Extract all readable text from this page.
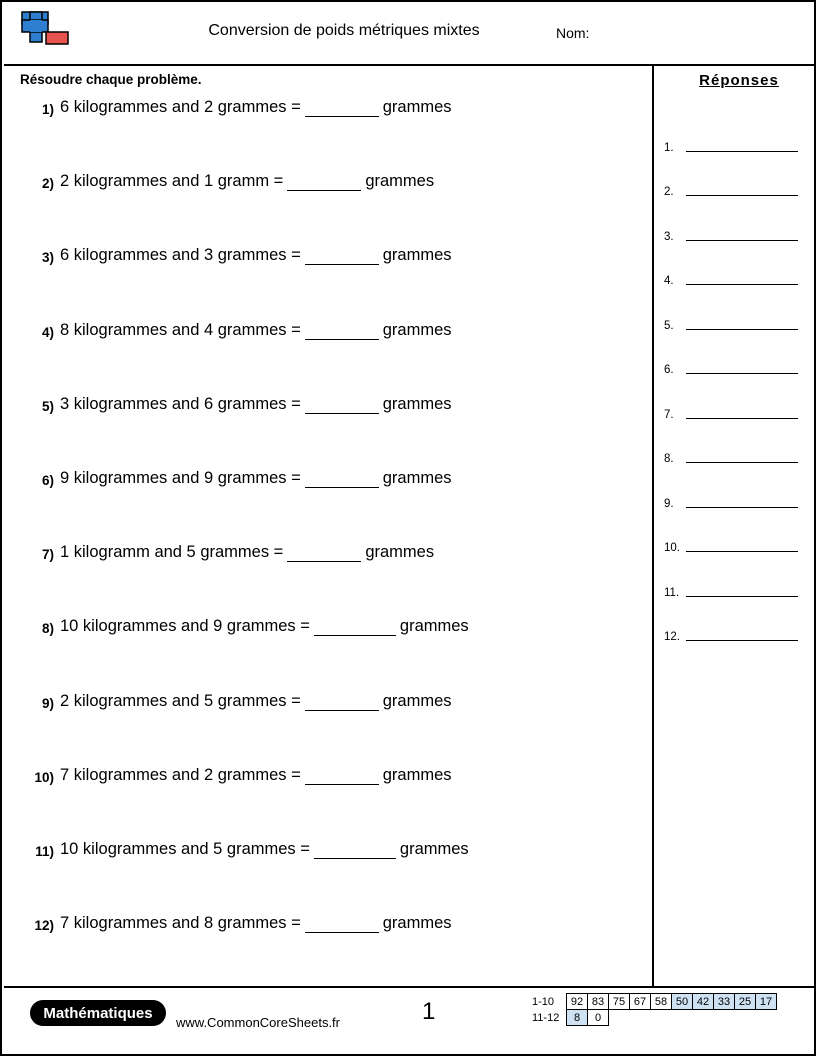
Conversion de poids métriques mixtes	Nom:
Résoudre chaque problème.
1) 6 kilogrammes and 2 grammes =	grammes
2) 2 kilogrammes and 1 gramm =	grammes
3) 6 kilogrammes and 3 grammes =	grammes
4) 8 kilogrammes and 4 grammes =	grammes
5) 3 kilogrammes and 6 grammes =	grammes
6) 9 kilogrammes and 9 grammes =	grammes
7) 1 kilogramm and 5 grammes =	grammes
8) 10 kilogrammes and 9 grammes =	grammes
9) 2 kilogrammes and 5 grammes =	grammes
10) 7 kilogrammes and 2 grammes =	grammes
11) 10 kilogrammes and 5 grammes =	grammes
12) 7 kilogrammes and 8 grammes =	grammes
Réponses
1.
2.
3.
4.
5.
6.
7.
8.
9.
10.
11.
12.
Mathématiques
www.CommonCoreSheets.fr	1	1-10	92	83	75	67	58	50	42	33	25	17
11-12	8	0								
